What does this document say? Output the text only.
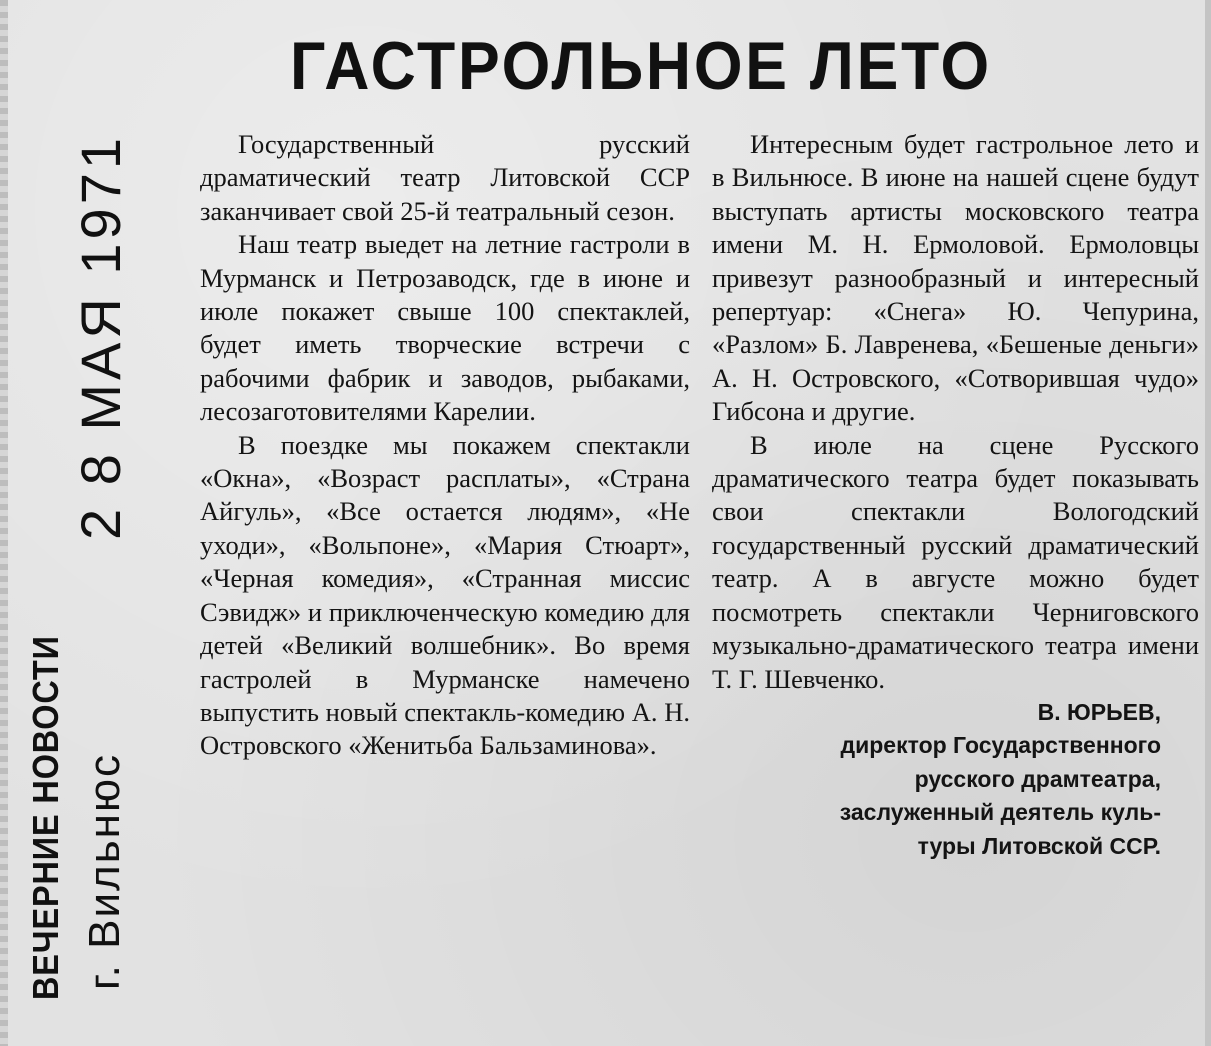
ГАСТРОЛЬНОЕ ЛЕТО
2 8 МАЯ 1971
ВЕЧЕРНИЕ НОВОСТИ г. Вильнюс

Государственный русский драматический театр Литовской ССР заканчивает свой 25-й театральный сезон.

Наш театр выедет на летние гастроли в Мурманск и Петрозаводск, где в июне и июле покажет свыше 100 спектаклей, будет иметь творческие встречи с рабочими фабрик и заводов, рыбаками, лесозаготовителями Карелии.

В поездке мы покажем спектакли «Окна», «Возраст расплаты», «Страна Айгуль», «Все остается людям», «Не уходи», «Вольпоне», «Мария Стюарт», «Черная комедия», «Странная миссис Сэвидж» и приключенческую комедию для детей «Великий волшебник». Во время гастролей в Мурманске намечено выпустить новый спектакль-комедию А. Н. Островского «Женитьба Бальзаминова».

Интересным будет гастрольное лето и в Вильнюсе. В июне на нашей сцене будут выступать артисты московского театра имени М. Н. Ермоловой. Ермоловцы привезут разнообразный и интересный репертуар: «Снега» Ю. Чепурина, «Разлом» Б. Лавренева, «Бешеные деньги» А. Н. Островского, «Сотворившая чудо» Гибсона и другие.

В июле на сцене Русского драматического театра будет показывать свои спектакли Вологодский государственный русский драматический театр. А в августе можно будет посмотреть спектакли Черниговского музыкально-драматического театра имени Т. Г. Шевченко.

В. ЮРЬЕВ,
директор Государственного
русского драмтеатра,
заслуженный деятель куль-
туры Литовской ССР.
